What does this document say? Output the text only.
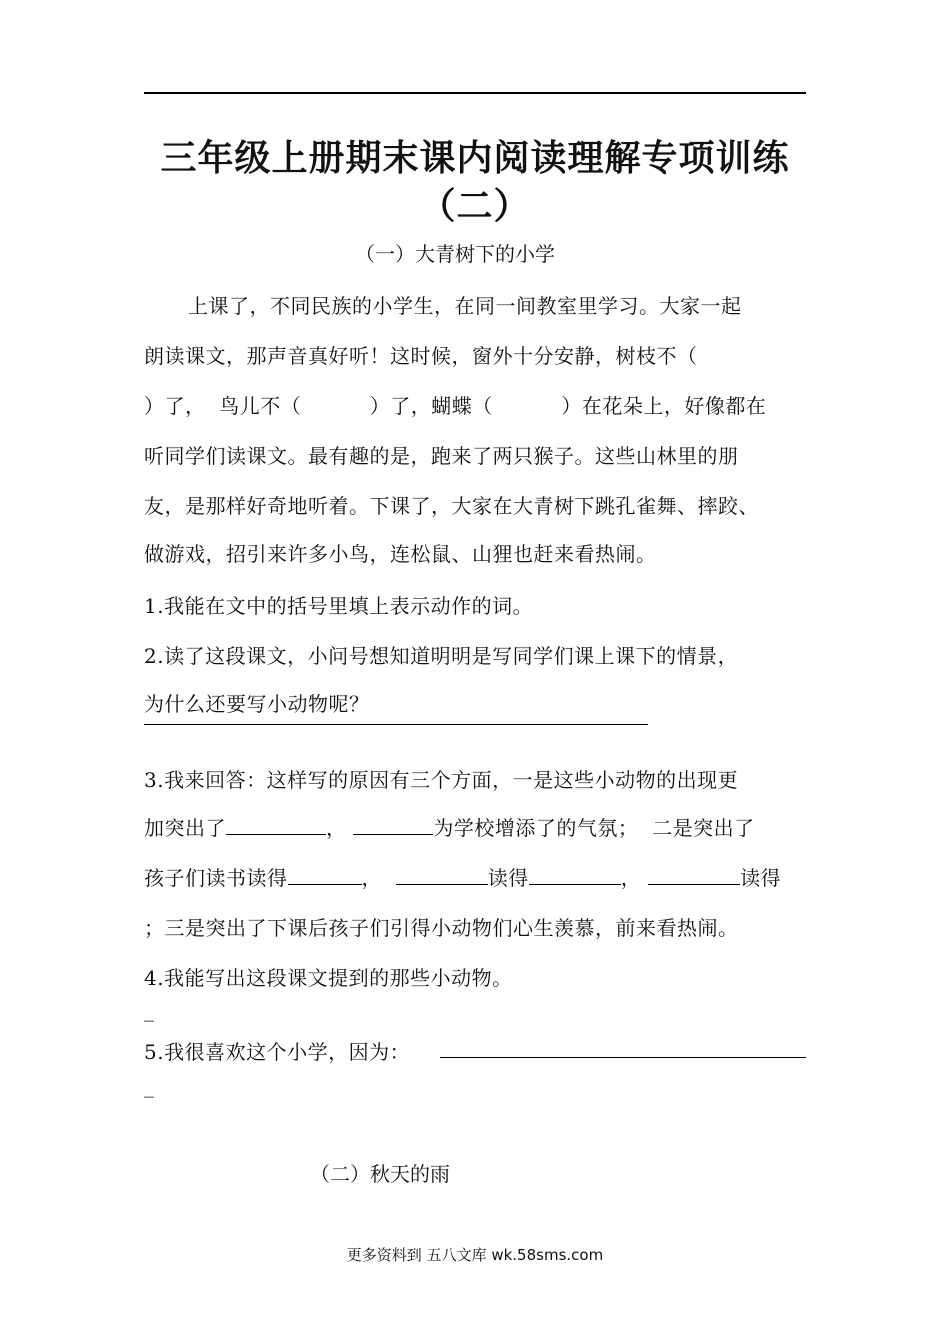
三年级上册期末课内阅读理解专项训练
（二）
（一）大青树下的小学
上课了，不同民族的小学生，在同一间教室里学习。大家一起
朗读课文，那声音真好听！这时候，窗外十分安静，树枝不（
）了，  鸟儿不（          ）了，蝴蝶（          ）在花朵上，好像都在
听同学们读课文。最有趣的是，跑来了两只猴子。这些山林里的朋
友，是那样好奇地听着。下课了，大家在大青树下跳孔雀舞、摔跤、
做游戏，招引来许多小鸟，连松鼠、山狸也赶来看热闹。
1.我能在文中的括号里填上表示动作的词。
2.读了这段课文，小问号想知道明明是写同学们课上课下的情景，
为什么还要写小动物呢？
3.我来回答：这样写的原因有三个方面，一是这些小动物的出现更
加突出了	，	为学校增添了的气氛；  二是突出了
孩子们读书读得	，	读得	，	读得
；三是突出了下课后孩子们引得小动物们心生羡慕，前来看热闹。
4.我能写出这段课文提到的那些小动物。
_
5.我很喜欢这个小学，因为：
_
（二）秋天的雨
更多资料到 五八文库 wk.58sms.com
